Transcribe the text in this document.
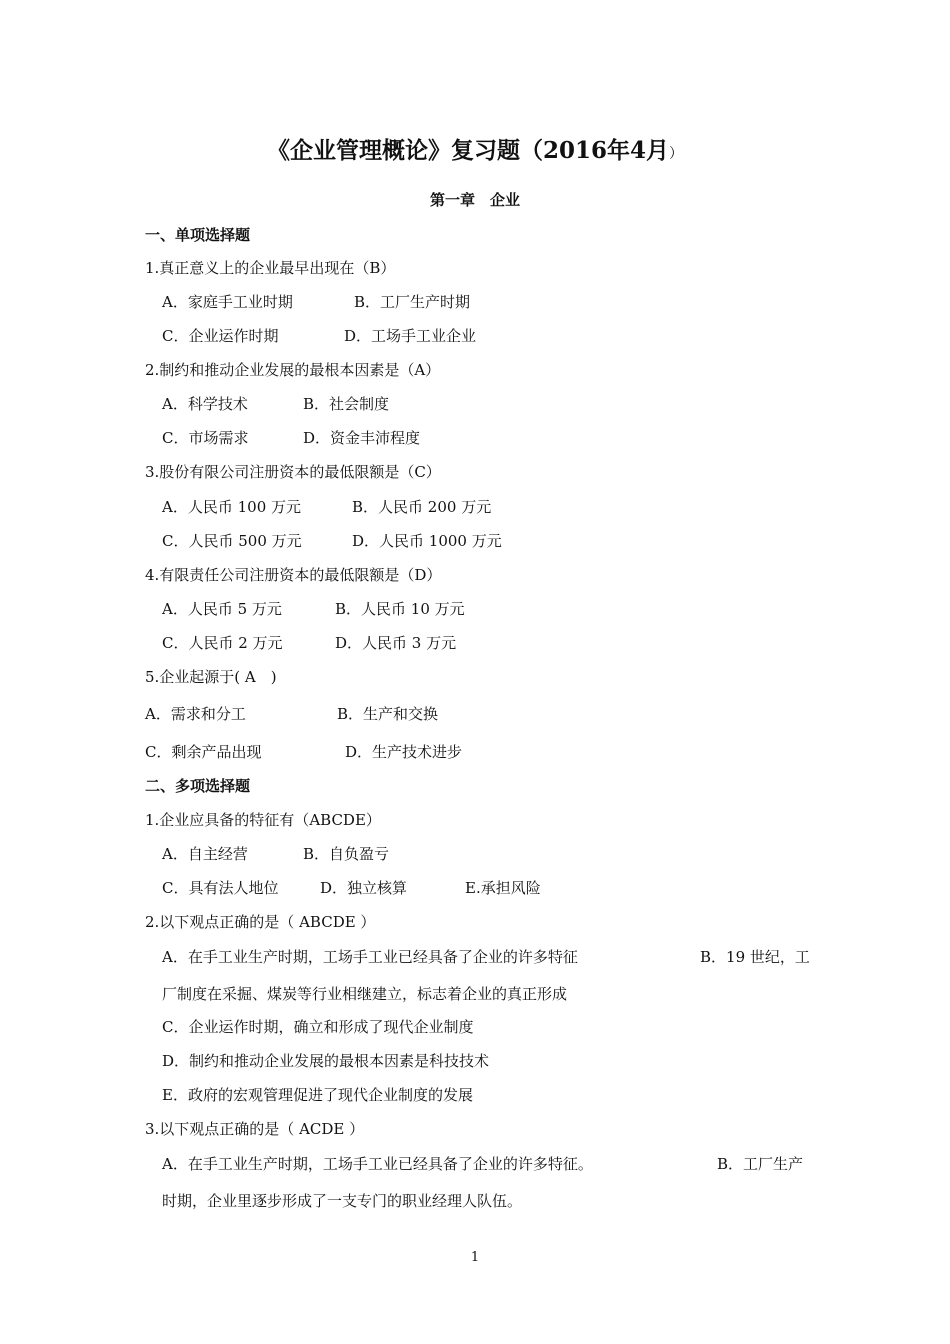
《企业管理概论》复习题（2016年4月）
第一章　企业
一、单项选择题
1.真正意义上的企业最早出现在（B）
A．家庭手工业时期	B．工厂生产时期
C．企业运作时期	D．工场手工业企业
2.制约和推动企业发展的最根本因素是（A）
A．科学技术	B．社会制度
C．市场需求	D．资金丰沛程度
3.股份有限公司注册资本的最低限额是（C）
A．人民币 100 万元	B．人民币 200 万元
C．人民币 500 万元	D．人民币 1000 万元
4.有限责任公司注册资本的最低限额是（D）
A．人民币 5 万元	B．人民币 10 万元
C．人民币 2 万元	D．人民币 3 万元
5.企业起源于( A　)
A．需求和分工	B．生产和交换
C．剩余产品出现	D．生产技术进步
二、多项选择题
1.企业应具备的特征有（ABCDE）
A．自主经营	B．自负盈亏
C．具有法人地位	D．独立核算	E.承担风险
2.以下观点正确的是（ ABCDE ）
A．在手工业生产时期，工场手工业已经具备了企业的许多特征	B．19 世纪，工
厂制度在采掘、煤炭等行业相继建立，标志着企业的真正形成
C．企业运作时期，确立和形成了现代企业制度
D．制约和推动企业发展的最根本因素是科技技术
E．政府的宏观管理促进了现代企业制度的发展
3.以下观点正确的是（ ACDE ）
A．在手工业生产时期，工场手工业已经具备了企业的许多特征。	B．工厂生产
时期，企业里逐步形成了一支专门的职业经理人队伍。
1
